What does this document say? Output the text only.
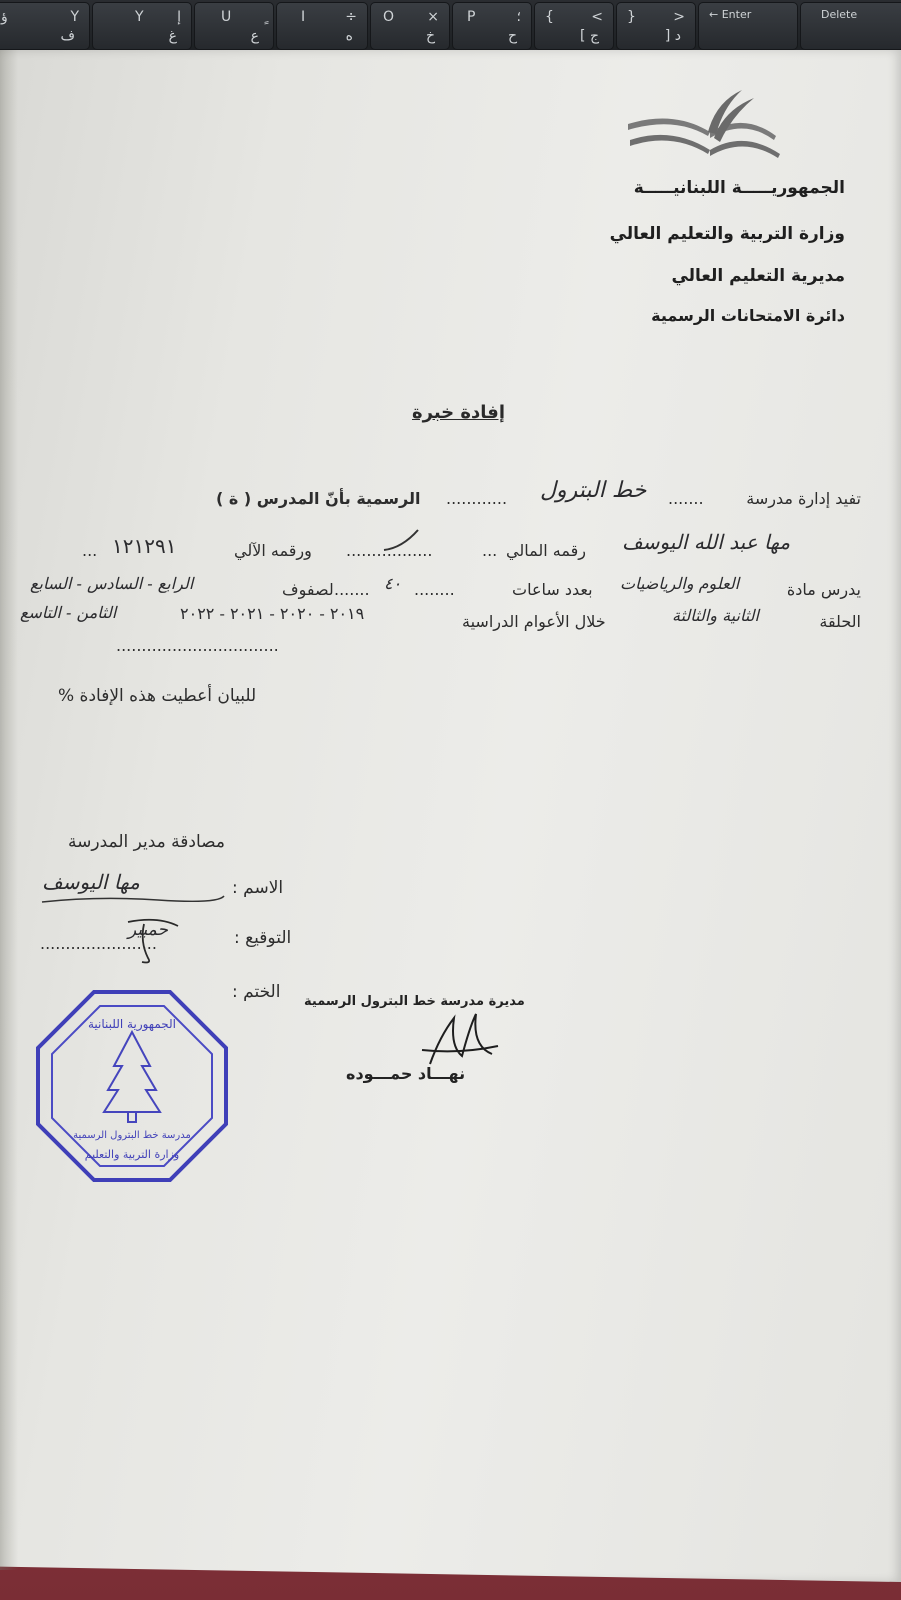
Y
ف
ؤ	Y إ
غ
U
ع
I	÷
ه
O ×
خ
P	؛
ح
{	<
[ ج
}	>
] د
← Enter	Delete
الجمهوريـــــة اللبنانيـــــة
وزارة التربية والتعليم العالي
مديرية التعليم العالي
دائرة الامتحانات الرسمية
إفادة خبرة
تفيد إدارة مدرسة
.......
خط البترول
............
الرسمية بأنّ المدرس ( ة )
مها عبد الله اليوسف
... رقمه المالي
.................
ورقمه الآلي
١٢١٢٩١
...
يدرس مادة
العلوم والرياضيات
بعدد ساعات
........
٤٠
.......
لصفوف
الرابع - السادس - السابع
الحلقة
الثانية والثالثة
خلال الأعوام الدراسية
٢٠١٩ - ٢٠٢٠ - ٢٠٢١ - ٢٠٢٢
الثامن - التاسع
................................
للبيان أعطيت هذه الإفادة %
مصادقة مدير المدرسة
الاسم :
مها اليوسف
التوقيع :
.......................
حمبير
الختم : مديرة مدرسة خط البترول الرسمية
نهـــاد حمـــوده
الجمهورية اللبنانية
مدرسة خط البترول الرسمية
وزارة التربية والتعليم
